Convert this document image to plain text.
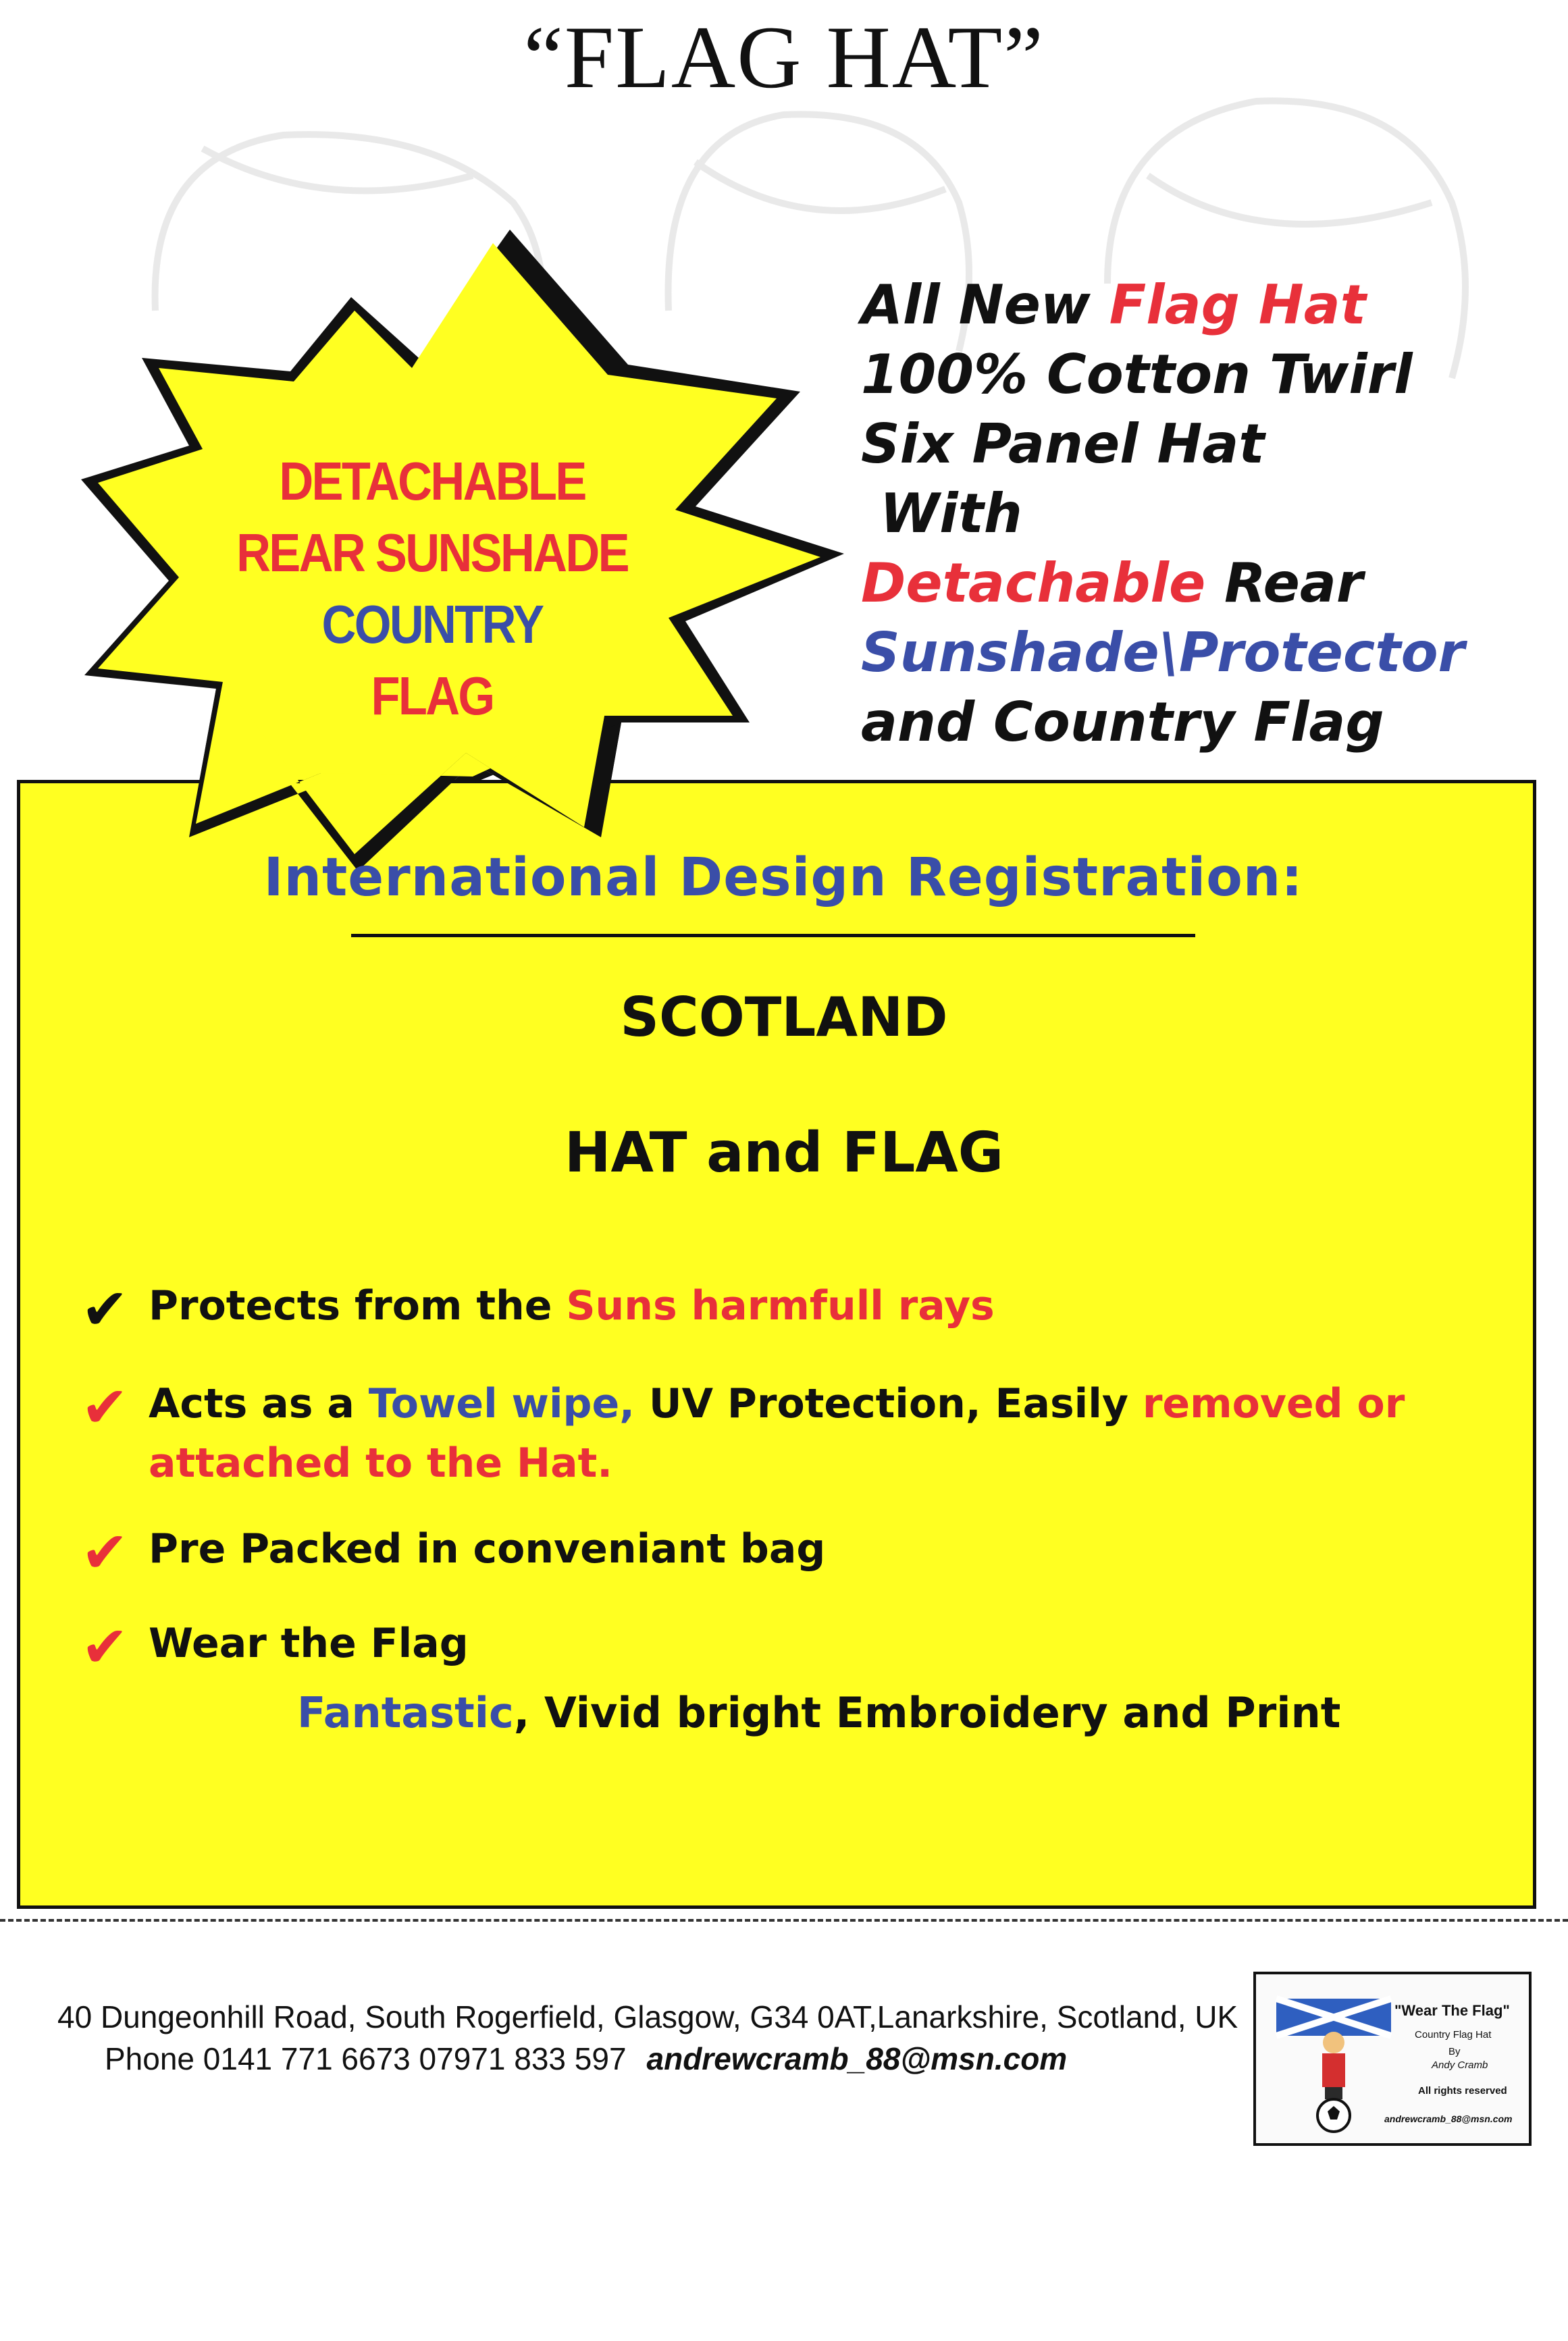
DETACHABLE
REAR SUNSHADE
COUNTRY
FLAG
“FLAG HAT”
All New Flag Hat
100% Cotton Twirl
Six Panel Hat
With
Detachable Rear
Sunshade\Protector
and Country Flag
International Design Registration:
SCOTLAND
HAT and FLAG
✔ Protects from the Suns harmfull rays
✔ Acts as a Towel wipe, UV Protection, Easily removed or
attached to the Hat.
✔ Pre Packed in conveniant bag
✔ Wear the Flag
Fantastic, Vivid bright Embroidery and Print
40 Dungeonhill Road, South Rogerfield, Glasgow, G34 0AT,Lanarkshire, Scotland, UK
Phone 0141 771 6673 07971 833 597 andrewcramb_88@msn.com
"Wear The Flag"
Country Flag Hat
By
Andy Cramb
All rights reserved
andrewcramb_88@msn.com
